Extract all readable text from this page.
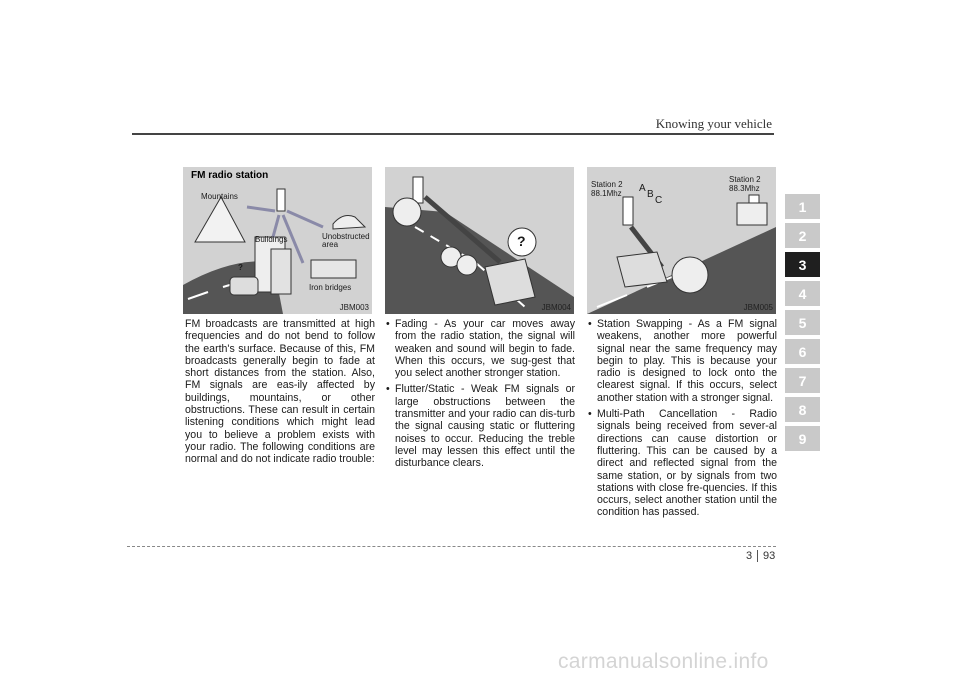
Knowing your vehicle
1
2
3
4
5
6
7
8
9
FM radio station
Mountains
Buildings	Unobstructed
area
Iron bridges
?
JBM003
?
JBM004
Station 2
88.1Mhz
Station 2
88.3Mhz
A
B
C
JBM005

FM broadcasts are transmitted at high frequencies and do not bend to follow the earth's surface. Because of this, FM broadcasts generally begin to fade at short distances from the station. Also, FM signals are eas-ily affected by buildings, mountains, or other obstructions. These can result in certain listening conditions which might lead you to believe a problem exists with your radio. The following conditions are normal and do not indicate radio trouble:

• Fading - As your car moves away from the radio station, the signal will weaken and sound will begin to fade. When this occurs, we sug-gest that you select another stronger station.
• Flutter/Static - Weak FM signals or large obstructions between the transmitter and your radio can dis-turb the signal causing static or fluttering noises to occur. Reducing the treble level may lessen this effect until the disturbance clears.
• Station Swapping - As a FM signal weakens, another more powerful signal near the same frequency may begin to play. This is because your radio is designed to lock onto the clearest signal. If this occurs, select another station with a stronger signal.
• Multi-Path Cancellation - Radio signals being received from sever-al directions can cause distortion or fluttering. This can be caused by a direct and reflected signal from the same station, or by signals from two stations with close fre-quencies. If this occurs, select another station until the condition has passed.
3 93
carmanualsonline.info
